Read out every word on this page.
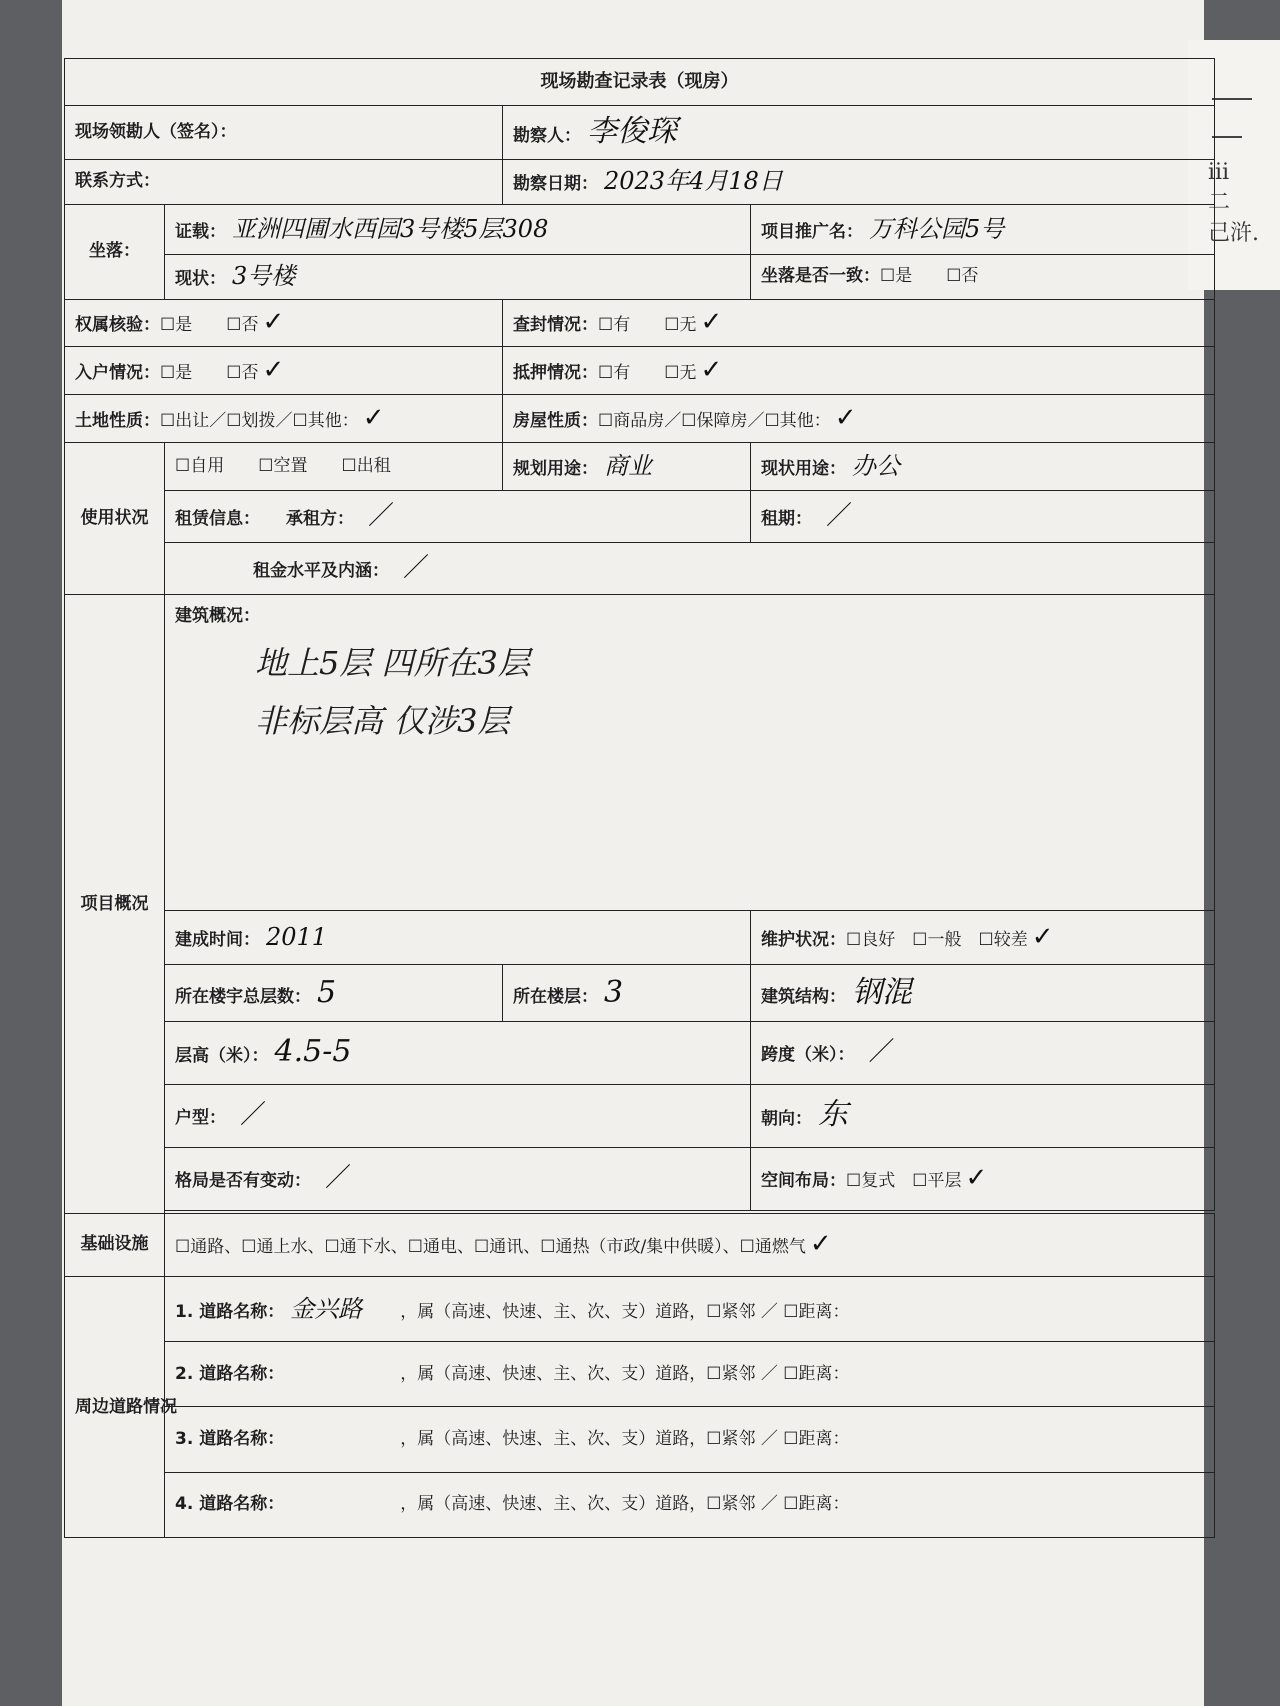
ⅲ
二
己浒.
现场勘查记录表（现房）			
现场领勘人（签名）：		勘察人： 李俊琛	
联系方式：		勘察日期： 2023年4月18日	
坐落：	证载： 亚洲四圃水西园3号楼5层308		项目推广名： 万科公园5号
	现状： 3号楼		坐落是否一致：☐是　　☐否
权属核验：☐是　　☐否 ✓		查封情况：☐有　　☐无 ✓	
入户情况：☐是　　☐否 ✓		抵押情况：☐有　　☐无 ✓	
土地性质：☐出让／☐划拨／☐其他： ✓		房屋性质：☐商品房／☐保障房／☐其他： ✓	
使用状况	☐自用　　☐空置　　☐出租	规划用途： 商业	现状用途： 办公
	租赁信息： 承租方： ／		租期： ／
	租金水平及内涵： ／		
项目概况	建筑概况：
地上5层 四所在3层
非标层高 仅涉3层		

	建成时间： 2011		维护状况：☐良好　☐一般　☐较差 ✓
	所在楼宇总层数： 5	所在楼层： 3	建筑结构： 钢混
	层高（米）： 4.5-5		跨度（米）： ／
	户型： ／		朝向： 东
	格局是否有变动： ／		空间布局：☐复式　☐平层 ✓

基础设施	☐通路、☐通上水、☐通下水、☐通电、☐通讯、☐通热（市政/集中供暖）、☐通燃气 ✓		
周边道路情况	1. 道路名称： 金兴路 ，属（高速、快速、主、次、支）道路，☐紧邻 ／ ☐距离：		
	2. 道路名称： ，属（高速、快速、主、次、支）道路，☐紧邻 ／ ☐距离：		
	3. 道路名称： ，属（高速、快速、主、次、支）道路，☐紧邻 ／ ☐距离：		
	4. 道路名称： ，属（高速、快速、主、次、支）道路，☐紧邻 ／ ☐距离：		
